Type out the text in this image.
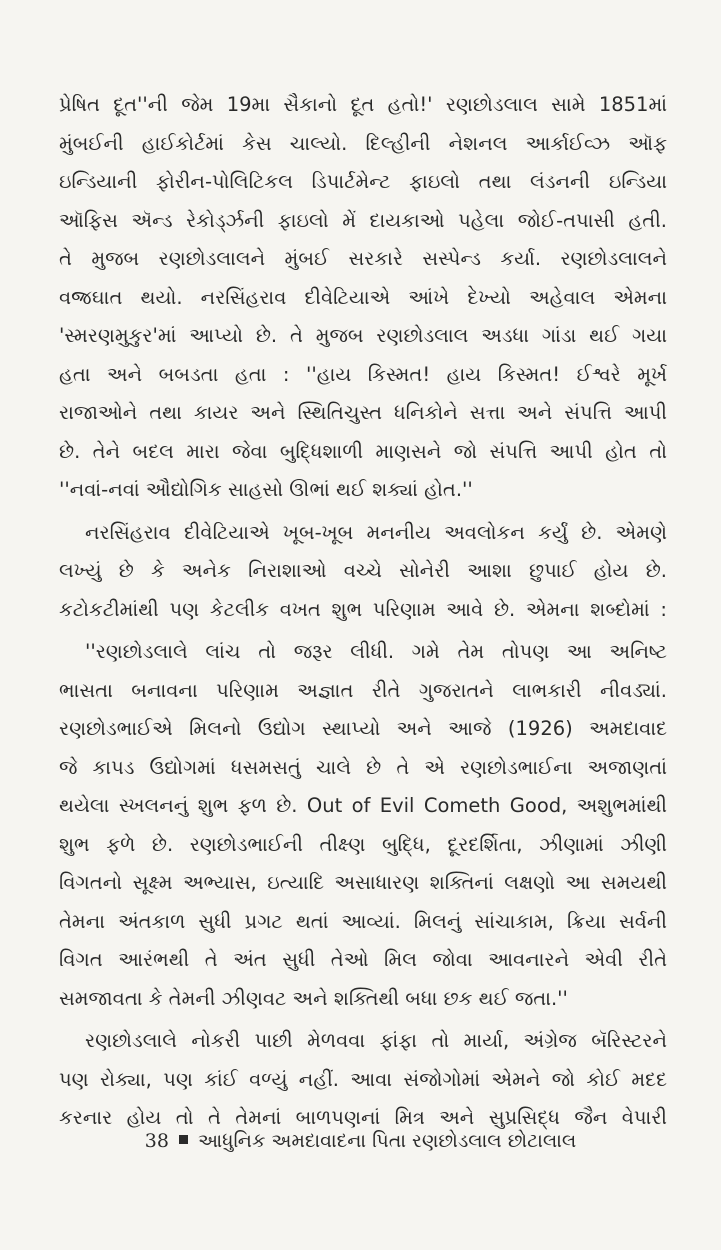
પ્રેષિત દૂત''ની જેમ 19મા સૈકાનો દૂત હતો!' રણછોડલાલ સામે 1851માં
મુંબઈની હાઈકોર્ટમાં કેસ ચાલ્યો. દિલ્હીની નેશનલ આર્કાઈવ્ઝ ઑફ
ઇન્ડિયાની ફોરીન-પોલિટિકલ ડિપાર્ટમેન્ટ ફાઇલો તથા લંડનની ઇન્ડિયા
ઑફિસ ઍન્ડ રેકોર્ડ્ઝની ફાઇલો મેં દાયકાઓ પહેલા જોઈ-તપાસી હતી.
તે મુજબ રણછોડલાલને મુંબઈ સરકારે સસ્પેન્ડ કર્યા. રણછોડલાલને
વજ્રઘાત થયો. નરસિંહરાવ દીવેટિયાએ આંખે દેખ્યો અહેવાલ એમના
'સ્મરણમુકુર'માં આપ્યો છે. તે મુજબ રણછોડલાલ અડધા ગાંડા થઈ ગયા
હતા અને બબડતા હતા : ''હાય કિસ્મત! હાય કિસ્મત! ઈશ્વરે મૂર્ખ
રાજાઓને તથા કાયર અને સ્થિતિચુસ્ત ધનિકોને સત્તા અને સંપત્તિ આપી
છે. તેને બદલ મારા જેવા બુદ્ધિશાળી માણસને જો સંપત્તિ આપી હોત તો
''નવાં-નવાં ઔદ્યોગિક સાહસો ઊભાં થઈ શક્યાં હોત.''
નરસિંહરાવ દીવેટિયાએ ખૂબ-ખૂબ મનનીય અવલોકન કર્યું છે. એમણે
લખ્યું છે કે અનેક નિરાશાઓ વચ્ચે સોનેરી આશા છુપાઈ હોય છે.
કટોકટીમાંથી પણ કેટલીક વખત શુભ પરિણામ આવે છે. એમના શબ્દોમાં :
''રણછોડલાલે લાંચ તો જરૂર લીધી. ગમે તેમ તોપણ આ અનિષ્ટ
ભાસતા બનાવના પરિણામ અજ્ઞાત રીતે ગુજરાતને લાભકારી નીવડ્યાં.
રણછોડભાઈએ મિલનો ઉદ્યોગ સ્થાપ્યો અને આજે (1926) અમદાવાદ
જે કાપડ ઉદ્યોગમાં ધસમસતું ચાલે છે તે એ રણછોડભાઈના અજાણતાં
થયેલા સ્ખલનનું શુભ ફળ છે. Out of Evil Cometh Good, અશુભમાંથી
શુભ ફળે છે. રણછોડભાઈની તીક્ષ્ણ બુદ્ધિ, દૂરદર્શિતા, ઝીણામાં ઝીણી
વિગતનો સૂક્ષ્મ અભ્યાસ, ઇત્યાદિ અસાધારણ શક્તિનાં લક્ષણો આ સમયથી
તેમના અંતકાળ સુધી પ્રગટ થતાં આવ્યાં. મિલનું સાંચાકામ, ક્રિયા સર્વની
વિગત આરંભથી તે અંત સુધી તેઓ મિલ જોવા આવનારને એવી રીતે
સમજાવતા કે તેમની ઝીણવટ અને શક્તિથી બધા છક થઈ જતા.''
રણછોડલાલે નોકરી પાછી મેળવવા ફાંફા તો માર્યા, અંગ્રેજ બૅરિસ્ટરને
પણ રોક્યા, પણ કાંઈ વળ્યું નહીં. આવા સંજોગોમાં એમને જો કોઈ મદદ
કરનાર હોય તો તે તેમનાં બાળપણનાં મિત્ર અને સુપ્રસિદ્ધ જૈન વેપારી
38 આધુનિક અમદાવાદના પિતા રણછોડલાલ છોટાલાલ
